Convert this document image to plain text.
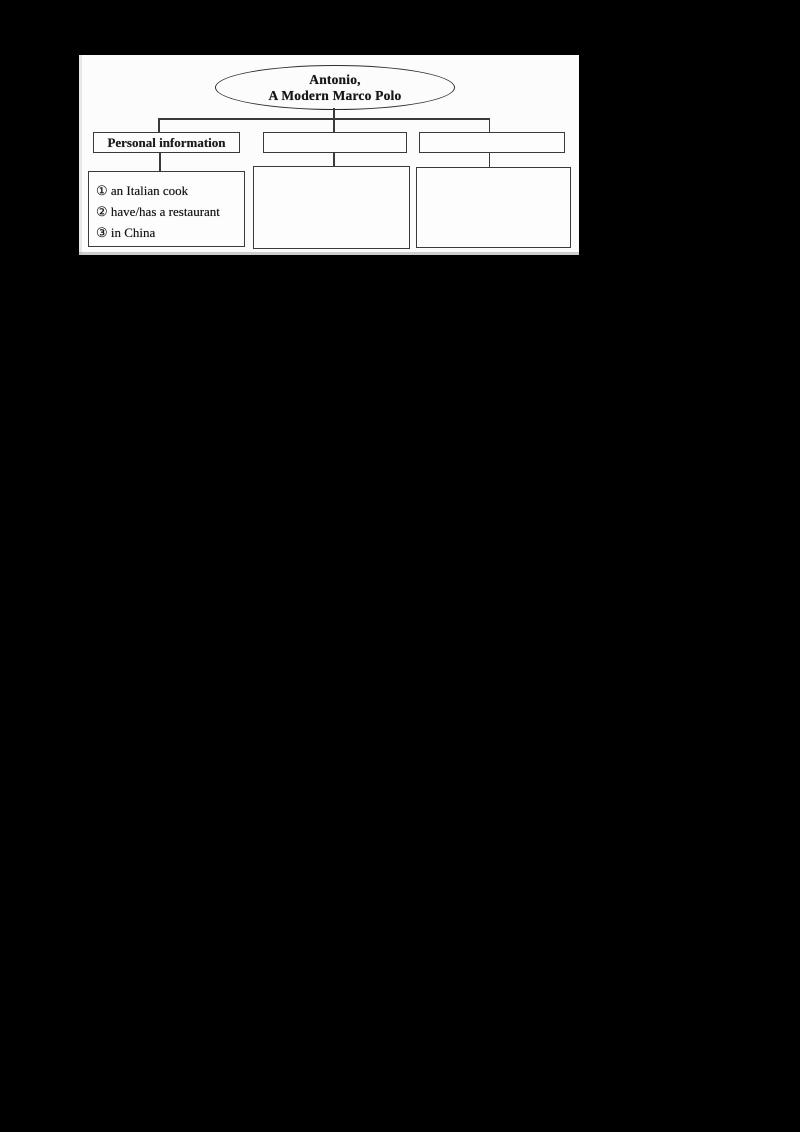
Antonio,
A Modern Marco Polo
Personal information
① an Italian cook
② have/has a restaurant
③ in China
